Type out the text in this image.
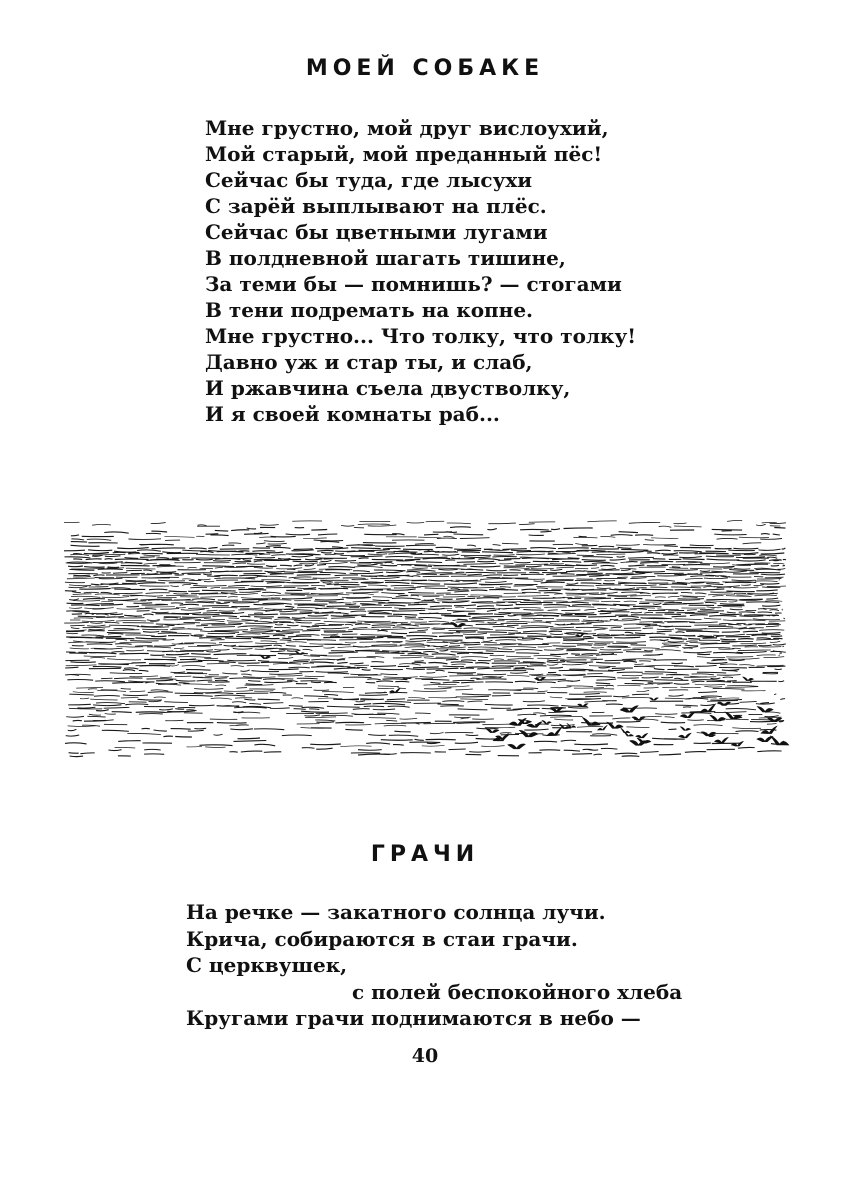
МОЕЙ СОБАКЕ
Мне грустно, мой друг вислоухий,
Мой старый, мой преданный пёс!
Сейчас бы туда, где лысухи
С зарёй выплывают на плёс.
Сейчас бы цветными лугами
В полдневной шагать тишине,
За теми бы — помнишь? — стогами
В тени подремать на копне.
Мне грустно... Что толку, что толку!
Давно уж и стар ты, и слаб,
И ржавчина съела двустволку,
И я своей комнаты раб...
ГРАЧИ
На речке — закатного солнца лучи.
Крича, собираются в стаи грачи.
С церквушек,
с полей беспокойного хлеба
Кругами грачи поднимаются в небо —
40
